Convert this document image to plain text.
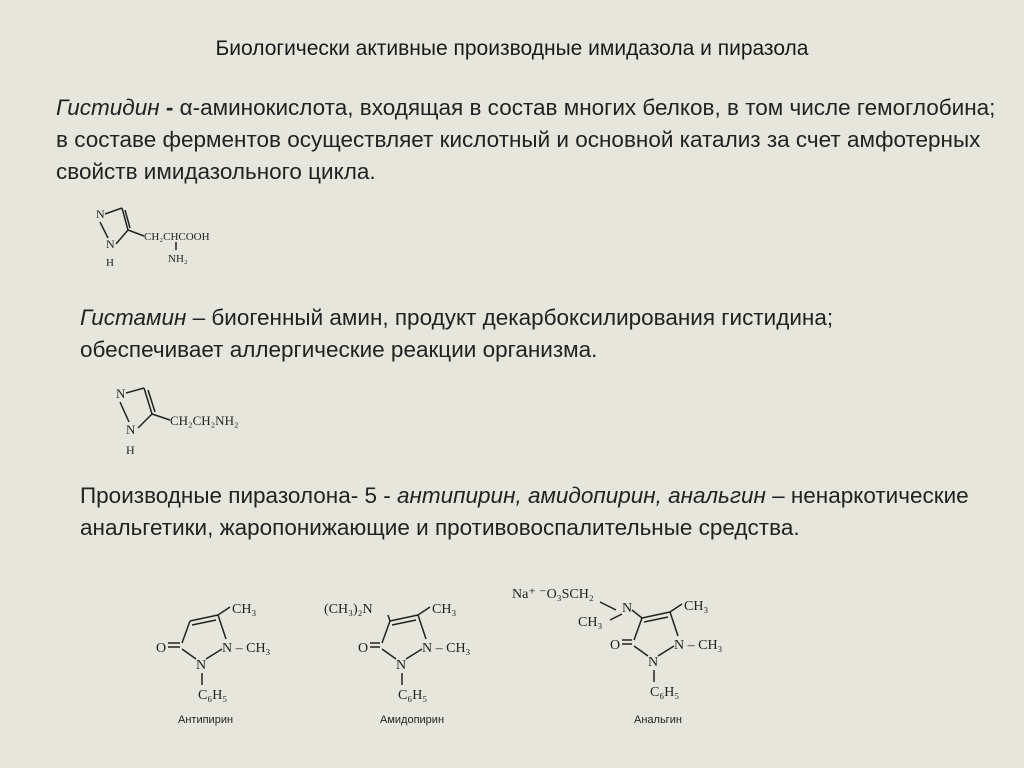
Биологически активные производные имидазола и пиразола
Гистидин - α-аминокислота, входящая в состав многих белков, в том числе гемоглобина; в составе ферментов осуществляет кислотный и основной катализ за счет амфотерных свойств имидазольного цикла.
N
N
H
CH₂CHCOOH
NH₂
Гистамин – биогенный амин, продукт декарбоксилирования гистидина; обеспечивает аллергические реакции организма.
N
N
H
CH₂CH₂NH₂
Производные пиразолона- 5 - антипирин, амидопирин, анальгин – ненаркотические анальгетики, жаропонижающие и противовоспалительные средства.
CH₃
N – CH₃
O
N
C₆H₅
Антипирин
(CH₃)₂N	CH₃
N – CH₃
O
N
C₆H₅
Амидопирин
Na⁺ ⁻O₃SCH₂
N
CH₃
CH₃
N – CH₃
O
N
C₆H₅
Анальгин
